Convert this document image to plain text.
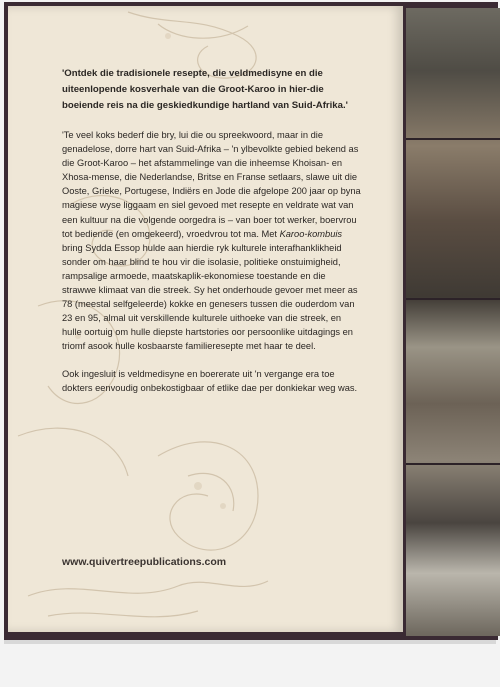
'Ontdek die tradisionele resepte, die veldmedisyne en die uiteenlopende kosverhale van die Groot-Karoo in hier-die boeiende reis na die geskiedkundige hartland van Suid-Afrika.'

'Te veel koks bederf die bry, lui die ou spreekwoord, maar in die genadelose, dorre hart van Suid-Afrika – 'n ylbevolkte gebied bekend as die Groot-Karoo – het afstammelinge van die inheemse Khoisan- en Xhosa-mense, die Nederlandse, Britse en Franse setlaars, slawe uit die Ooste, Grieke, Portugese, Indiërs en Jode die afgelope 200 jaar op byna magiese wyse liggaam en siel gevoed met resepte en veldrate wat van een kultuur na die volgende oorgedra is – van boer tot werker, boervrou tot bediende (en omgekeerd), vroedvrou tot ma. Met Karoo-kombuis bring Sydda Essop hulde aan hierdie ryk kulturele interafhanklikheid sonder om haar blind te hou vir die isolasie, politieke onstuimigheid, rampsalige armoede, maatskaplik-ekonomiese toestande en die strawwe klimaat van die streek. Sy het onderhoude gevoer met meer as 78 (meestal selfgeleerde) kokke en genesers tussen die ouderdom van 23 en 95, almal uit verskillende kulturele uithoeke van die streek, en hulle oortuig om hulle diepste hartstories oor persoonlike uitdagings en triomf asook hulle kosbaarste familieresepte met haar te deel.

Ook ingesluit is veldmedisyne en boererate uit 'n vergange era toe dokters eenvoudig onbekostigbaar of etlike dae per donkiekar weg was.

www.quivertreepublications.com
